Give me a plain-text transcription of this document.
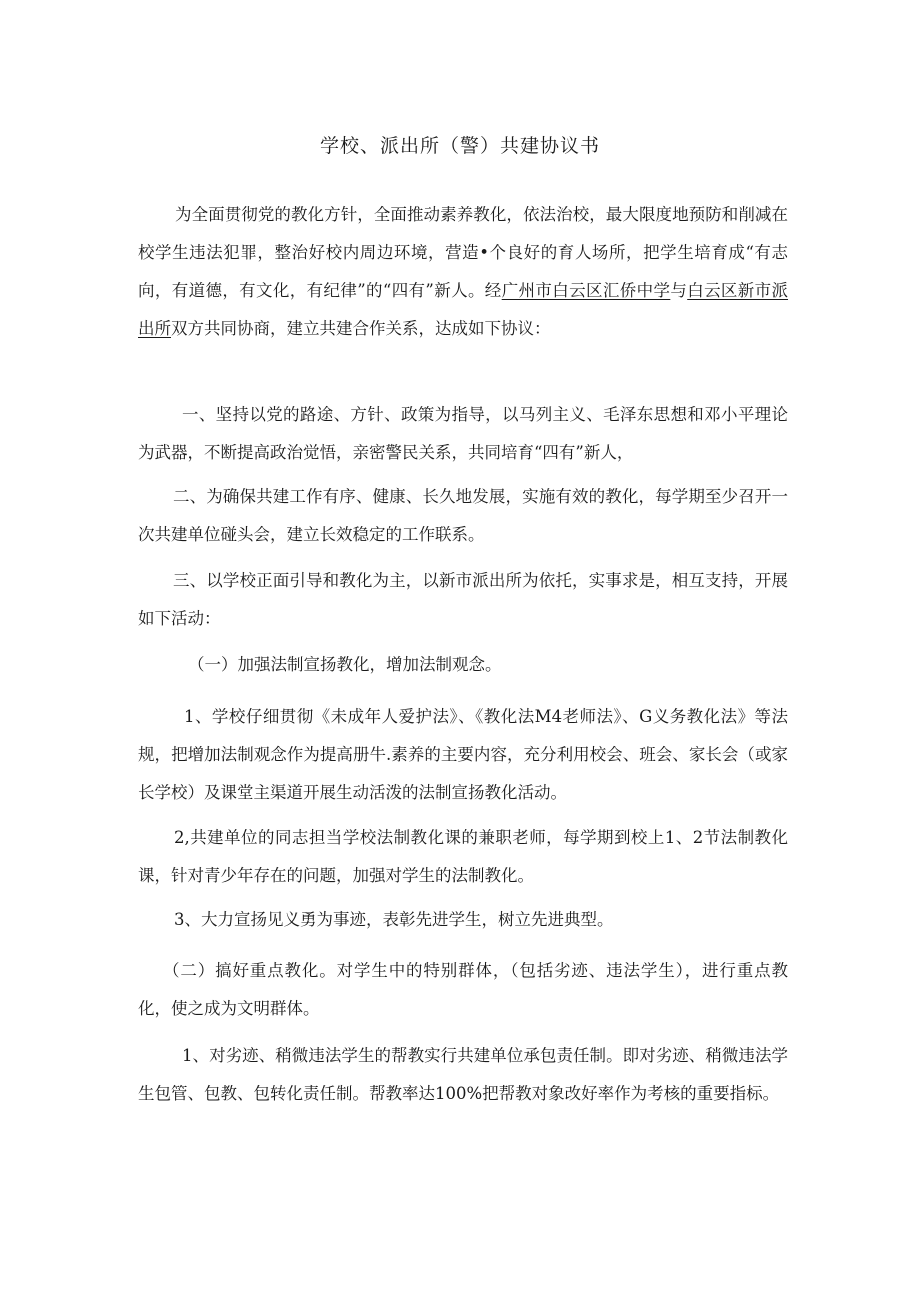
学校、派出所（警）共建协议书

为全面贯彻党的教化方针，全面推动素养教化，依法治校，最大限度地预防和削减在校学生违法犯罪，整治好校内周边环境，营造•个良好的育人场所，把学生培育成“有志向，有道德，有文化，有纪律”的“四有”新人。经广州市白云区汇侨中学与白云区新市派出所双方共同协商，建立共建合作关系，达成如下协议：

一、坚持以党的路途、方针、政策为指导，以马列主义、毛泽东思想和邓小平理论为武器，不断提高政治觉悟，亲密警民关系，共同培育“四有”新人，

二、为确保共建工作有序、健康、长久地发展，实施有效的教化，每学期至少召开一次共建单位碰头会，建立长效稳定的工作联系。

三、以学校正面引导和教化为主，以新市派出所为依托，实事求是，相互支持，开展如下活动：

（一）加强法制宣扬教化，增加法制观念。

1、学校仔细贯彻《未成年人爱护法》、《教化法M4老师法》、G义务教化法》等法规，把增加法制观念作为提高册牛.素养的主要内容，充分利用校会、班会、家长会（或家长学校）及课堂主渠道开展生动活泼的法制宣扬教化活动。

2,共建单位的同志担当学校法制教化课的兼职老师，每学期到校上1、2节法制教化课，针对青少年存在的问题，加强对学生的法制教化。

3、大力宣扬见义勇为事迹，表彰先进学生，树立先进典型。

（二）搞好重点教化。对学生中的特别群体，（包括劣迹、违法学生），进行重点教化，使之成为文明群体。

1、对劣迹、稍微违法学生的帮教实行共建单位承包责任制。即对劣迹、稍微违法学生包管、包教、包转化责任制。帮教率达100%把帮教对象改好率作为考核的重要指标。
